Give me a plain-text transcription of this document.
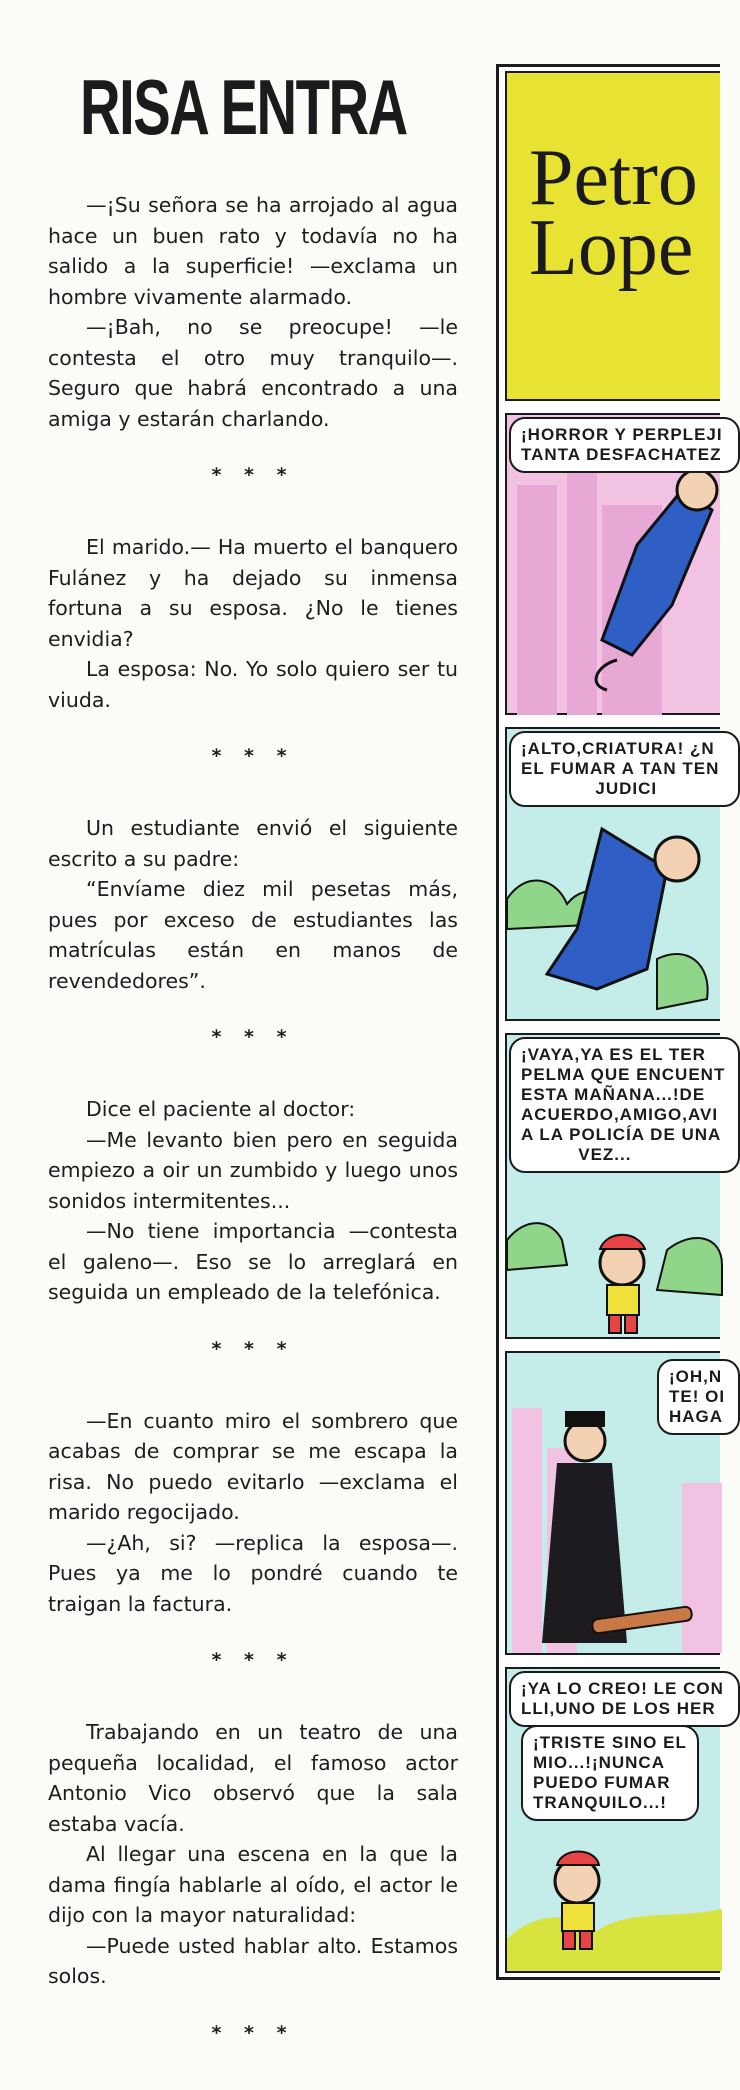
RISA ENTRA

—¡Su señora se ha arrojado al agua hace un buen rato y todavía no ha salido a la superficie! —exclama un hombre vivamente alarmado.

—¡Bah, no se preocupe! —le contesta el otro muy tranquilo—. Seguro que habrá encontrado a una amiga y estarán charlando.

* * *

El marido.— Ha muerto el banquero Fulánez y ha dejado su inmensa fortuna a su esposa. ¿No le tienes envidia?

La esposa: No. Yo solo quiero ser tu viuda.

* * *

Un estudiante envió el siguiente escrito a su padre:

“Envíame diez mil pesetas más, pues por exceso de estudiantes las matrículas están en manos de revendedores”.

* * *

Dice el paciente al doctor:

—Me levanto bien pero en seguida empiezo a oir un zumbido y luego unos sonidos intermitentes...

—No tiene importancia —contesta el galeno—. Eso se lo arreglará en seguida un empleado de la telefónica.

* * *

—En cuanto miro el sombrero que acabas de comprar se me escapa la risa. No puedo evitarlo —exclama el marido regocijado.

—¿Ah, si? —replica la esposa—. Pues ya me lo pondré cuando te traigan la factura.

* * *

Trabajando en un teatro de una pequeña localidad, el famoso actor Antonio Vico observó que la sala estaba vacía.

Al llegar una escena en la que la dama fingía hablarle al oído, el actor le dijo con la mayor naturalidad:

—Puede usted hablar alto. Estamos solos.

* * *
Petro
Lope
¡HORROR Y PERPLEJI
TANTA DESFACHATEZ
¡ALTO,CRIATURA! ¿N
EL FUMAR A TAN TEN
JUDICI
¡VAYA,YA ES EL TER
PELMA QUE ENCUENT
ESTA MAÑANA...!DE
ACUERDO,AMIGO,AVI
A LA POLICÍA DE UNA
VEZ...
¡OH,N
TE! OI
HAGA
¡YA LO CREO! LE CON
LLI,UNO DE LOS HER
¡TRISTE SINO EL
MIO...!¡NUNCA
PUEDO FUMAR
TRANQUILO...!
